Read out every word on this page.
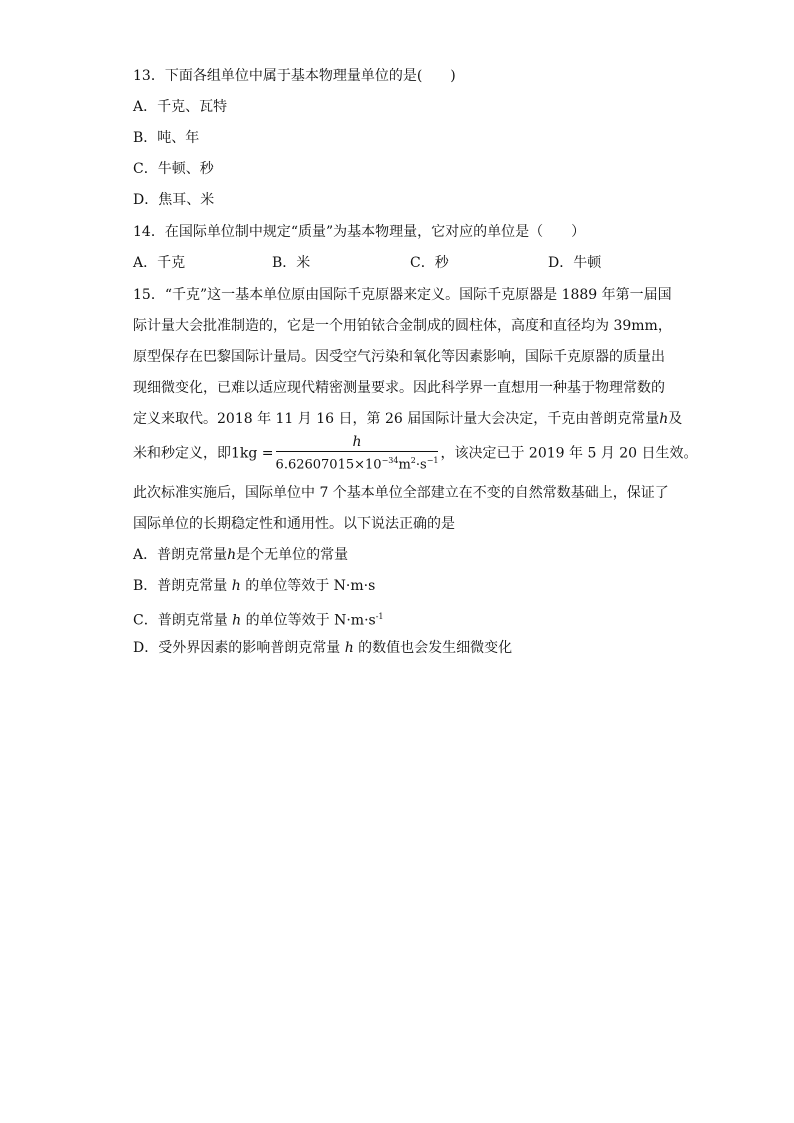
13．下面各组单位中属于基本物理量单位的是(　　)
A．千克、瓦特
B．吨、年
C．牛顿、秒
D．焦耳、米
14．在国际单位制中规定“质量”为基本物理量，它对应的单位是（　　）
A．千克	B．米	C．秒	D．牛顿
15．“千克”这一基本单位原由国际千克原器来定义。国际千克原器是 1889 年第一届国
际计量大会批准制造的，它是一个用铂铱合金制成的圆柱体，高度和直径均为 39mm，
原型保存在巴黎国际计量局。因受空气污染和氧化等因素影响，国际千克原器的质量出
现细微变化，已难以适应现代精密测量要求。因此科学界一直想用一种基于物理常数的
定义来取代。2018 年 11 月 16 日，第 26 届国际计量大会决定，千克由普朗克常量h及
米和秒定义，即$1kg = \frac{h}{6.62607015\times 10^{-34}m^2\cdot s^{-1}}$ ，该决定已于 2019 年 5 月 20 日生效。
此次标准实施后，国际单位中 7 个基本单位全部建立在不变的自然常数基础上，保证了
国际单位的长期稳定性和通用性。以下说法正确的是
A．普朗克常量h是个无单位的常量
B．普朗克常量 h 的单位等效于 N·m·s
C．普朗克常量 h 的单位等效于 $N\cdot m\cdot s^{-1}$
D．受外界因素的影响普朗克常量 h 的数值也会发生细微变化
